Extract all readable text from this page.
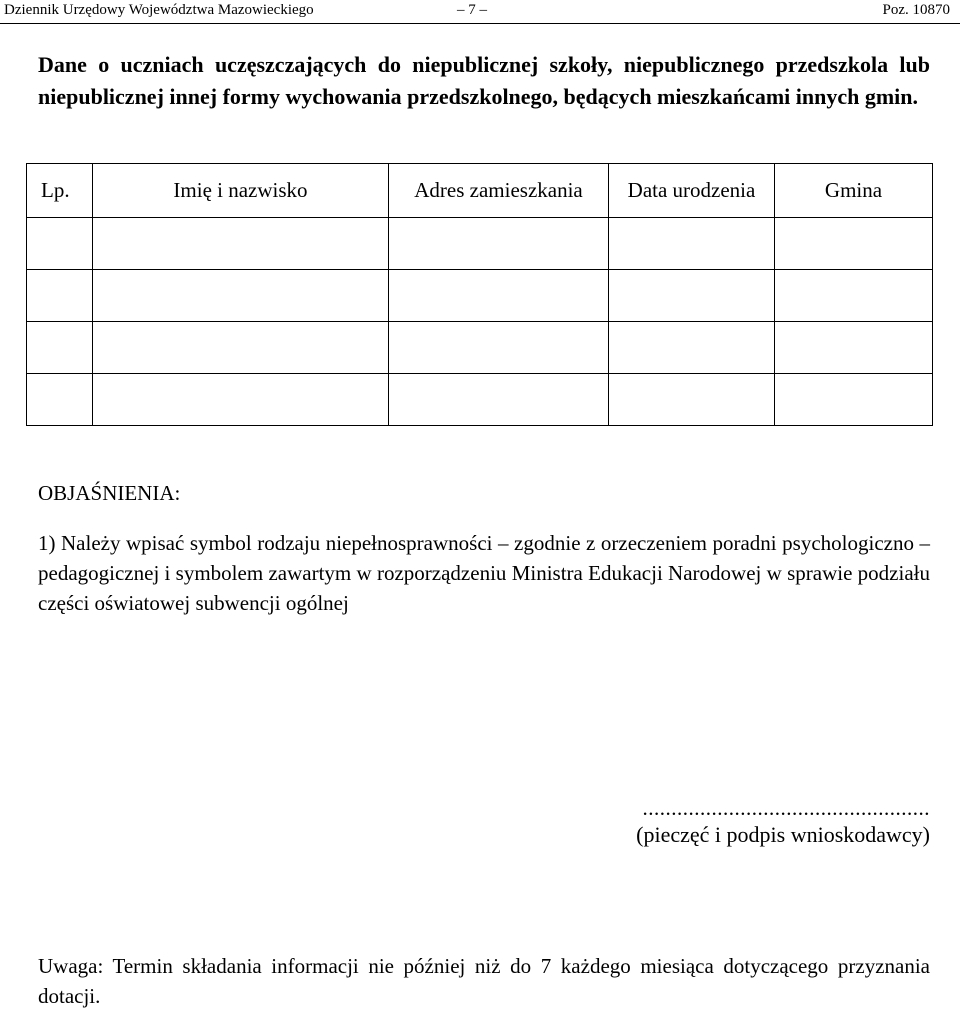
Dziennik Urzędowy Województwa Mazowieckiego	– 7 –	Poz. 10870

Dane o uczniach uczęszczających do niepublicznej szkoły, niepublicznego przedszkola lub niepublicznej innej formy wychowania przedszkolnego, będących mieszkańcami innych gmin.

Lp.	Imię i nazwisko	Adres zamieszkania	Data urodzenia	Gmina

OBJAŚNIENIA:

1) Należy wpisać symbol rodzaju niepełnosprawności – zgodnie z orzeczeniem poradni psychologiczno – pedagogicznej i symbolem zawartym w rozporządzeniu Ministra Edukacji Narodowej w sprawie podziału części oświatowej subwencji ogólnej

..................................................
(pieczęć i podpis wnioskodawcy)

Uwaga: Termin składania informacji nie później niż do 7 każdego miesiąca dotyczącego przyznania dotacji.
